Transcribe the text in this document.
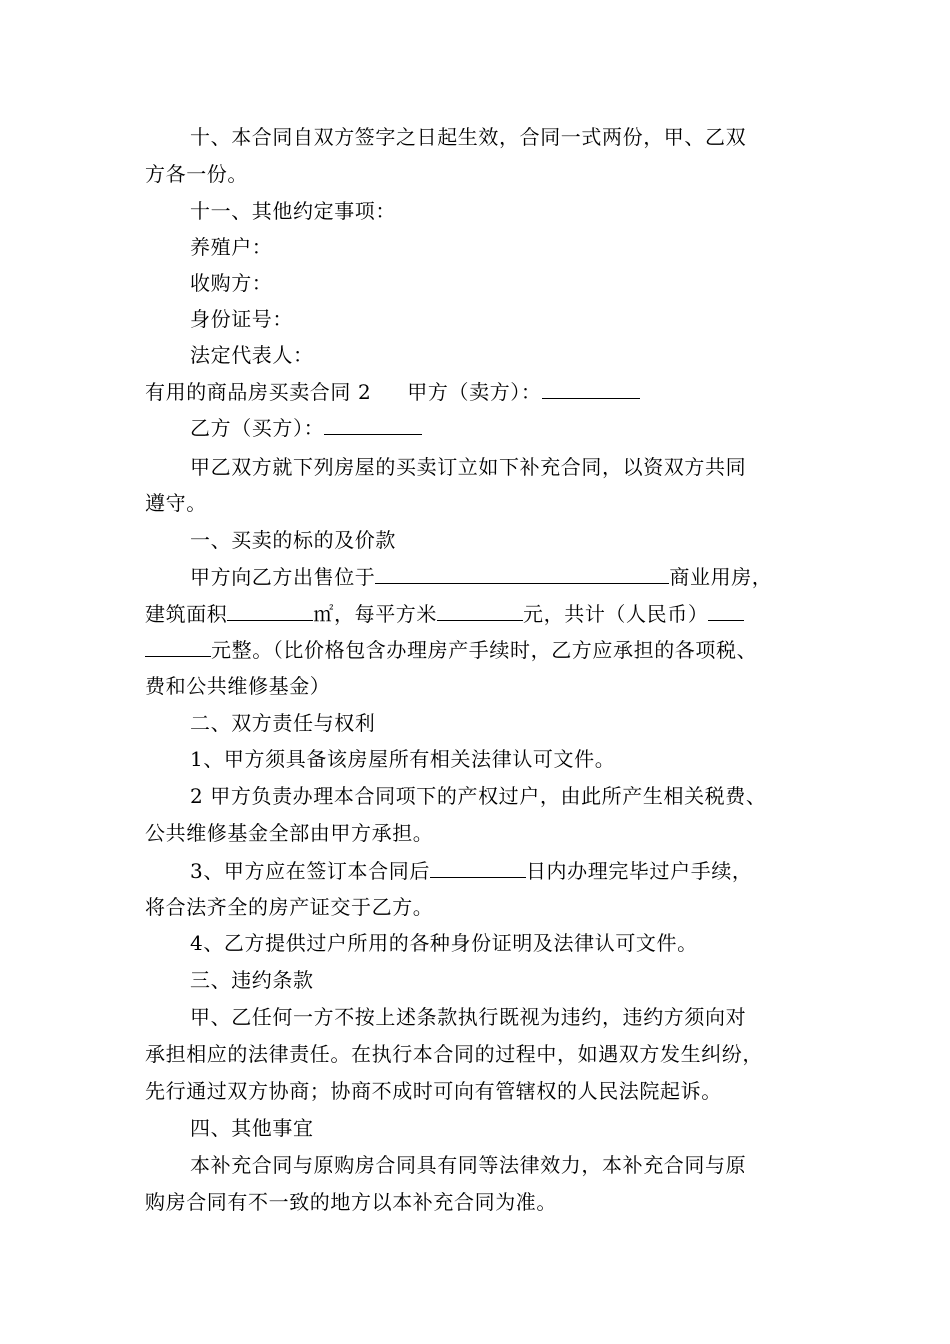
十、本合同自双方签字之日起生效，合同一式两份，甲、乙双
方各一份。
十一、其他约定事项：
养殖户：
收购方：
身份证号：
法定代表人：
有用的商品房买卖合同 2 甲方（卖方）：
乙方（买方）：
甲乙双方就下列房屋的买卖订立如下补充合同，以资双方共同
遵守。
一、买卖的标的及价款
甲方向乙方出售位于	商业用房，
建筑面积	㎡，每平方米	元，共计（人民币）
元整。（比价格包含办理房产手续时，乙方应承担的各项税、
费和公共维修基金）
二、双方责任与权利
1、甲方须具备该房屋所有相关法律认可文件。
2 甲方负责办理本合同项下的产权过户，由此所产生相关税费、
公共维修基金全部由甲方承担。
3、甲方应在签订本合同后	日内办理完毕过户手续，
将合法齐全的房产证交于乙方。
4、乙方提供过户所用的各种身份证明及法律认可文件。
三、违约条款
甲、乙任何一方不按上述条款执行既视为违约，违约方须向对
承担相应的法律责任。在执行本合同的过程中，如遇双方发生纠纷，
先行通过双方协商；协商不成时可向有管辖权的人民法院起诉。
四、其他事宜
本补充合同与原购房合同具有同等法律效力，本补充合同与原
购房合同有不一致的地方以本补充合同为准。
